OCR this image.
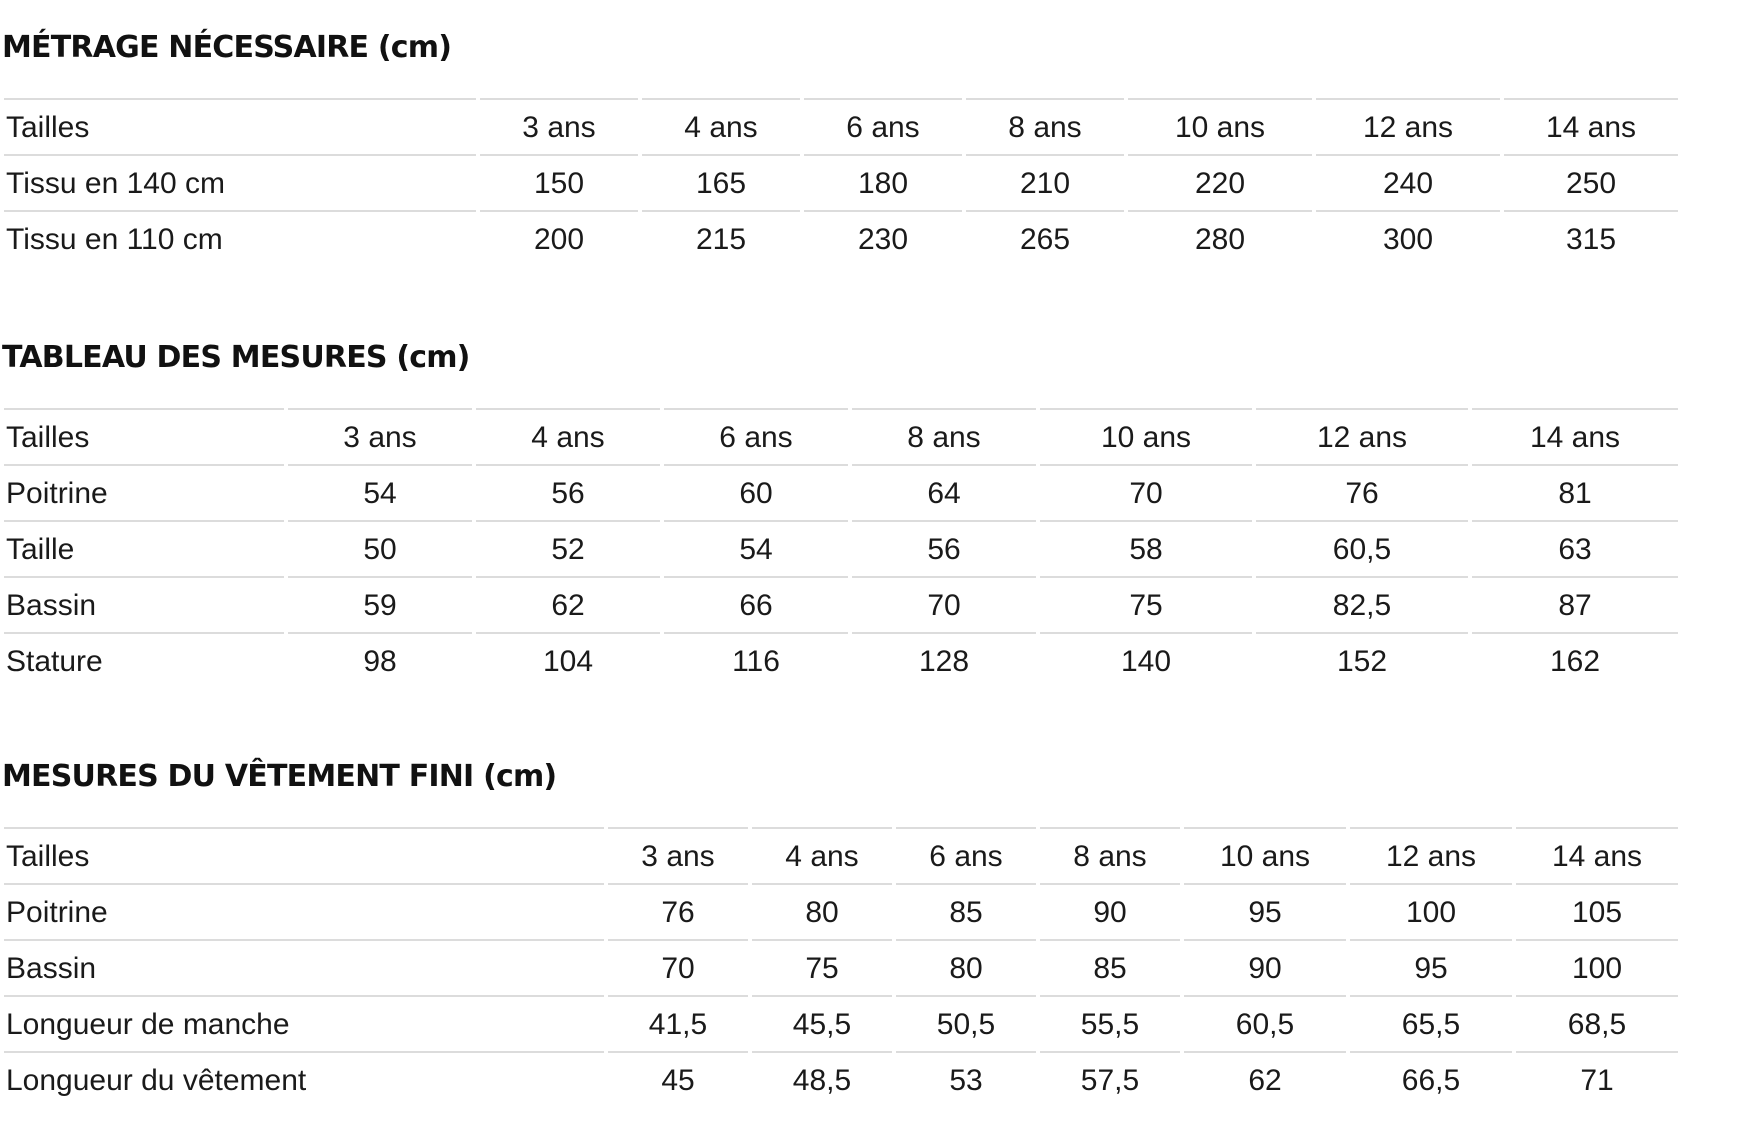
MÉTRAGE NÉCESSAIRE (cm)
Tailles	3 ans	4 ans	6 ans	8 ans	10 ans	12 ans	14 ans
Tissu en 140 cm	150	165	180	210	220	240	250
Tissu en 110 cm	200	215	230	265	280	300	315
TABLEAU DES MESURES (cm)
Tailles	3 ans	4 ans	6 ans	8 ans	10 ans	12 ans	14 ans
Poitrine	54	56	60	64	70	76	81
Taille	50	52	54	56	58	60,5	63
Bassin	59	62	66	70	75	82,5	87
Stature	98	104	116	128	140	152	162
MESURES DU VÊTEMENT FINI (cm)
Tailles	3 ans	4 ans	6 ans	8 ans	10 ans	12 ans	14 ans
Poitrine	76	80	85	90	95	100	105
Bassin	70	75	80	85	90	95	100
Longueur de manche	41,5	45,5	50,5	55,5	60,5	65,5	68,5
Longueur du vêtement	45	48,5	53	57,5	62	66,5	71
